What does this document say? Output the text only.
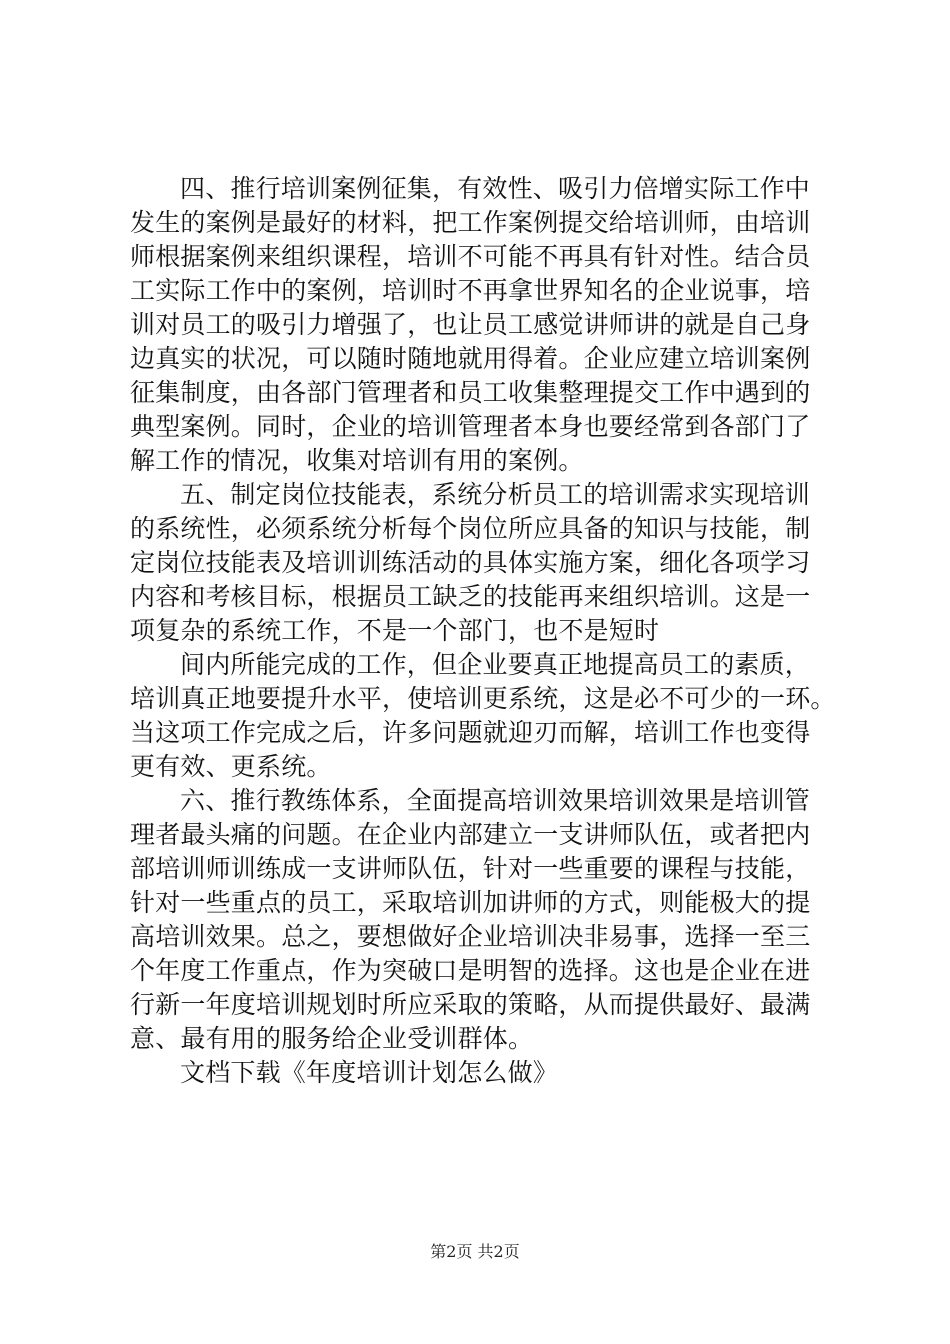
四、推行培训案例征集，有效性、吸引力倍增实际工作中
发生的案例是最好的材料，把工作案例提交给培训师，由培训
师根据案例来组织课程，培训不可能不再具有针对性。结合员
工实际工作中的案例，培训时不再拿世界知名的企业说事，培
训对员工的吸引力增强了，也让员工感觉讲师讲的就是自己身
边真实的状况，可以随时随地就用得着。企业应建立培训案例
征集制度，由各部门管理者和员工收集整理提交工作中遇到的
典型案例。同时，企业的培训管理者本身也要经常到各部门了
解工作的情况，收集对培训有用的案例。
五、制定岗位技能表，系统分析员工的培训需求实现培训
的系统性，必须系统分析每个岗位所应具备的知识与技能，制
定岗位技能表及培训训练活动的具体实施方案，细化各项学习
内容和考核目标，根据员工缺乏的技能再来组织培训。这是一
项复杂的系统工作，不是一个部门，也不是短时
间内所能完成的工作，但企业要真正地提高员工的素质，
培训真正地要提升水平，使培训更系统，这是必不可少的一环。
当这项工作完成之后，许多问题就迎刃而解，培训工作也变得
更有效、更系统。
六、推行教练体系，全面提高培训效果培训效果是培训管
理者最头痛的问题。在企业内部建立一支讲师队伍，或者把内
部培训师训练成一支讲师队伍，针对一些重要的课程与技能，
针对一些重点的员工，采取培训加讲师的方式，则能极大的提
高培训效果。总之，要想做好企业培训决非易事，选择一至三
个年度工作重点，作为突破口是明智的选择。这也是企业在进
行新一年度培训规划时所应采取的策略，从而提供最好、最满
意、最有用的服务给企业受训群体。
文档下载《年度培训计划怎么做》
第2页 共2页
